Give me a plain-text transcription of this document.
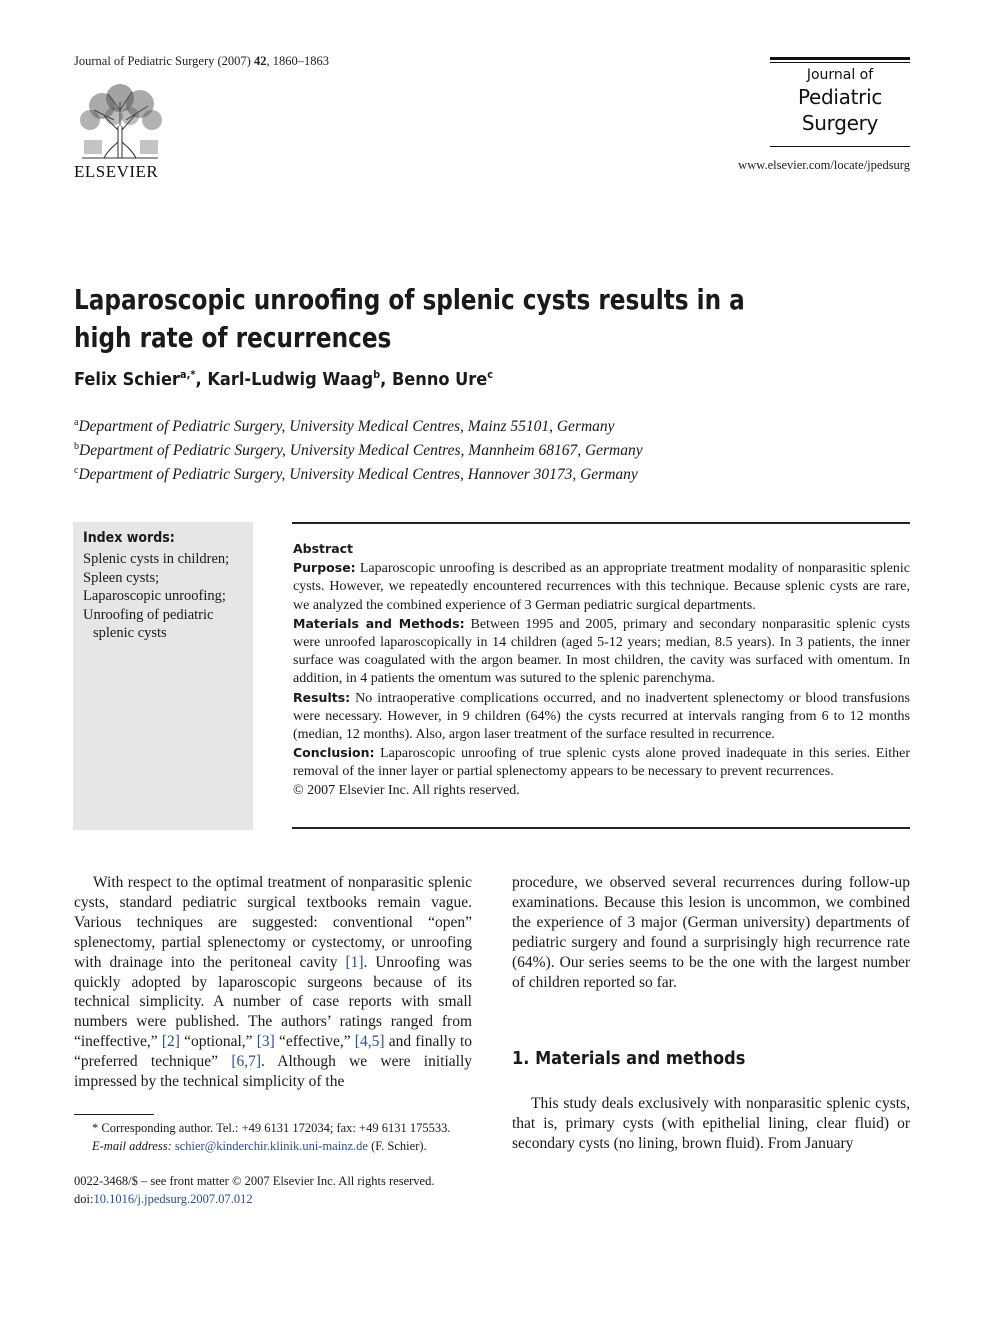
Journal of Pediatric Surgery (2007) 42, 1860–1863
ELSEVIER
Journal of
Pediatric
Surgery
www.elsevier.com/locate/jpedsurg
Laparoscopic unroofing of splenic cysts results in a
high rate of recurrences
Felix Schier$^{a,*}$, Karl-Ludwig Waag$^b$, Benno Ure$^c$
$^a$Department of Pediatric Surgery, University Medical Centres, Mainz 55101, Germany
$^b$Department of Pediatric Surgery, University Medical Centres, Mannheim 68167, Germany
$^c$Department of Pediatric Surgery, University Medical Centres, Hannover 30173, Germany
Index words:
Splenic cysts in children;
Spleen cysts;
Laparoscopic unroofing;
Unroofing of pediatric
splenic cysts

Abstract

Purpose: Laparoscopic unroofing is described as an appropriate treatment modality of nonparasitic splenic cysts. However, we repeatedly encountered recurrences with this technique. Because splenic cysts are rare, we analyzed the combined experience of 3 German pediatric surgical departments.

Materials and Methods: Between 1995 and 2005, primary and secondary nonparasitic splenic cysts were unroofed laparoscopically in 14 children (aged 5-12 years; median, 8.5 years). In 3 patients, the inner surface was coagulated with the argon beamer. In most children, the cavity was surfaced with omentum. In addition, in 4 patients the omentum was sutured to the splenic parenchyma.

Results: No intraoperative complications occurred, and no inadvertent splenectomy or blood transfusions were necessary. However, in 9 children (64%) the cysts recurred at intervals ranging from 6 to 12 months (median, 12 months). Also, argon laser treatment of the surface resulted in recurrence.

Conclusion: Laparoscopic unroofing of true splenic cysts alone proved inadequate in this series. Either removal of the inner layer or partial splenectomy appears to be necessary to prevent recurrences.

© 2007 Elsevier Inc. All rights reserved.

With respect to the optimal treatment of nonparasitic splenic cysts, standard pediatric surgical textbooks remain vague. Various techniques are suggested: conventional “open” splenectomy, partial splenectomy or cystectomy, or unroofing with drainage into the peritoneal cavity [1]. Unroofing was quickly adopted by laparoscopic surgeons because of its technical simplicity. A number of case reports with small numbers were published. The authors’ ratings ranged from “ineffective,” [2] “optional,” [3] “effective,” [4,5] and finally to “preferred technique” [6,7]. Although we were initially impressed by the technical simplicity of the

procedure, we observed several recurrences during follow-up examinations. Because this lesion is uncommon, we combined the experience of 3 major (German university) departments of pediatric surgery and found a surprisingly high recurrence rate (64%). Our series seems to be the one with the largest number of children reported so far.

1. Materials and methods

This study deals exclusively with nonparasitic splenic cysts, that is, primary cysts (with epithelial lining, clear fluid) or secondary cysts (no lining, brown fluid). From January

* Corresponding author. Tel.: +49 6131 172034; fax: +49 6131 175533.
E-mail address: schier@kinderchir.klinik.uni-mainz.de (F. Schier).
0022-3468/$ – see front matter © 2007 Elsevier Inc. All rights reserved.
doi:10.1016/j.jpedsurg.2007.07.012
